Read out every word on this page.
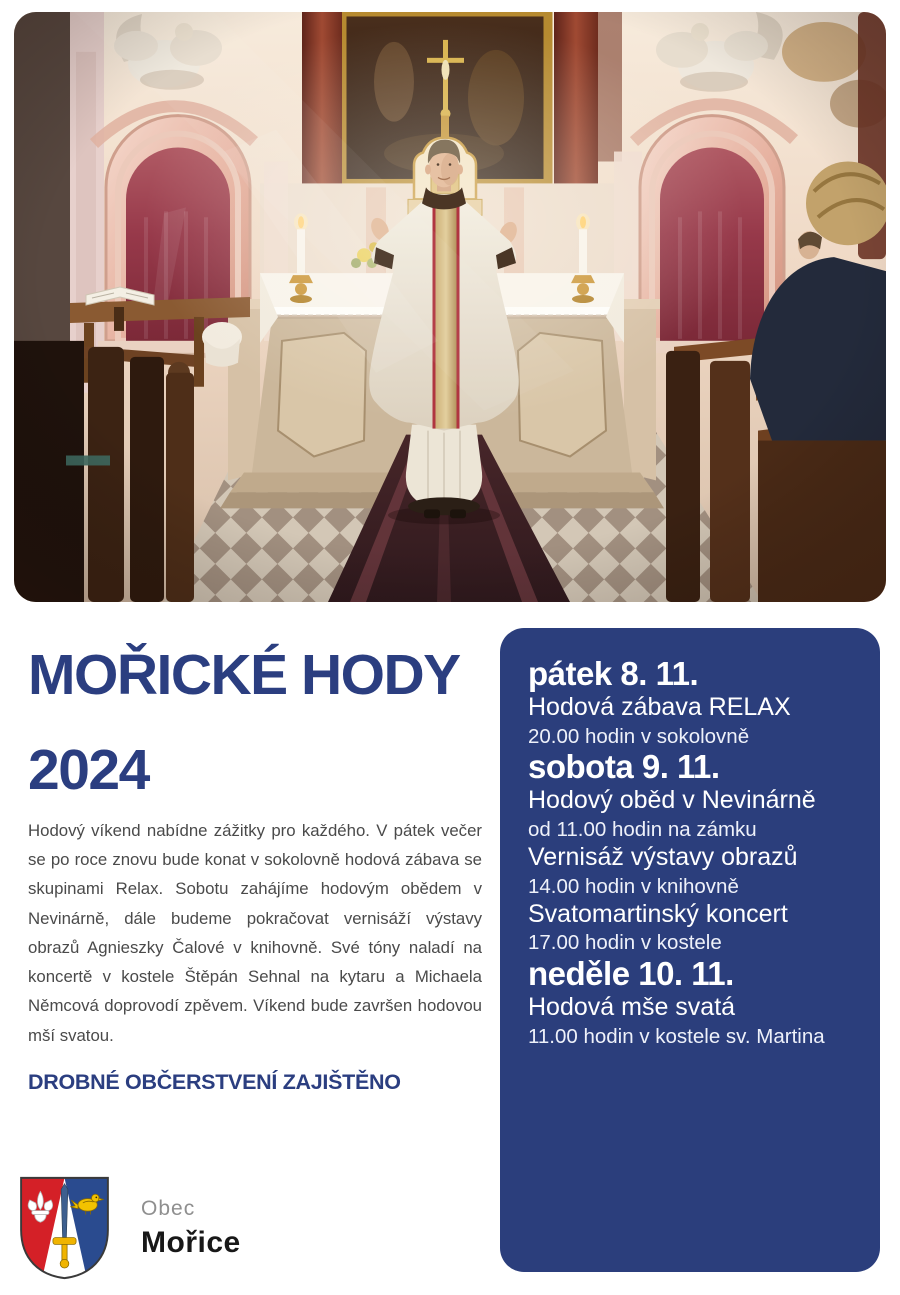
MOŘICKÉ HODY
2024

Hodový víkend nabídne zážitky pro každého. V pátek večer se po roce znovu bude konat v sokolovně hodová zábava se skupinami Relax. Sobotu zahájíme hodovým obědem v Nevinárně, dále budeme pokračovat vernisáží výstavy obrazů Agnieszky Čalové v knihovně. Své tóny naladí na koncertě v kostele Štěpán Sehnal na kytaru a Michaela Němcová doprovodí zpěvem. Víkend bude završen hodovou mší svatou.

DROBNÉ OBČERSTVENÍ ZAJIŠTĚNO
Obec
Mořice
pátek 8. 11.

Hodová zábava RELAX

20.00 hodin v sokolovně

sobota 9. 11.

Hodový oběd v Nevinárně

od 11.00 hodin na zámku

Vernisáž výstavy obrazů

14.00 hodin v knihovně

Svatomartinský koncert

17.00 hodin v kostele

neděle 10. 11.

Hodová mše svatá

11.00 hodin v kostele sv. Martina
